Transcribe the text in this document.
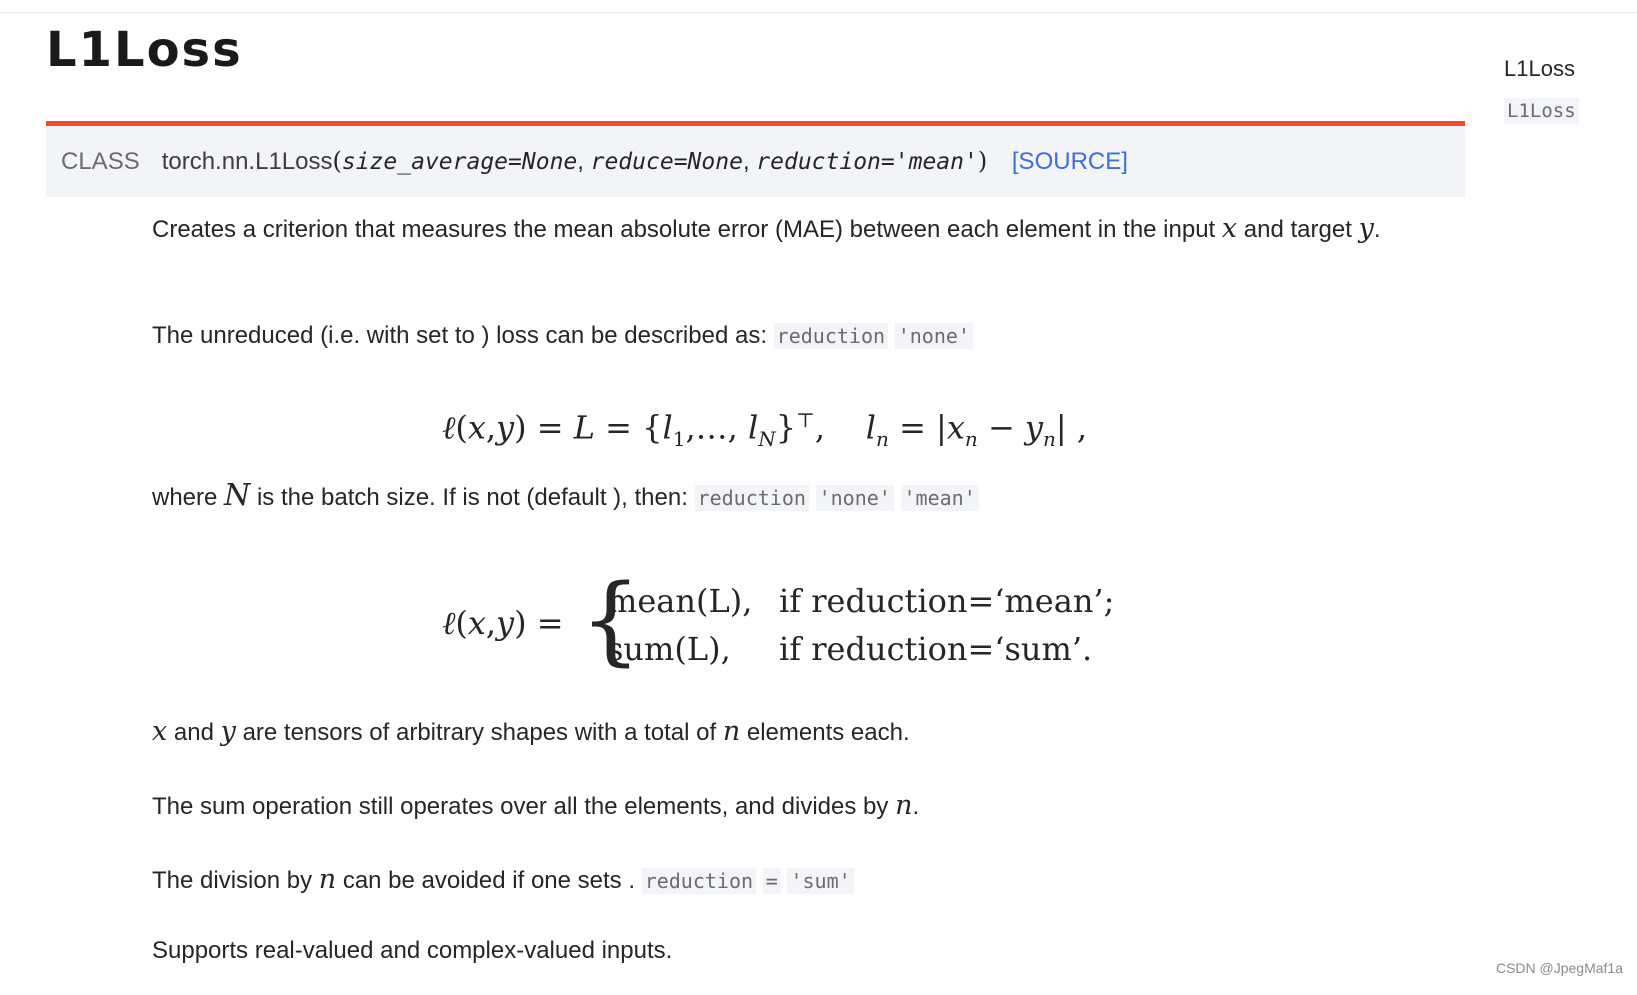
L1Loss	L1Loss
L1Loss
CLASS torch.nn.L1Loss(size_average=None, reduce=None, reduction='mean') [SOURCE]
Creates a criterion that measures the mean absolute error (MAE) between each element in the input x and target y.
The unreduced (i.e. with set to ) loss can be described as: reduction 'none'
ℓ(x,y) = $L = \{l_1,\dots$, $l_N\}^⊤$,    $l_n = |x_n - y_n|$ ,
where N is the batch size. If is not (default ), then: reduction 'none' 'mean'
ℓ(x,y) = {
mean(L), if reduction=‘mean’;
sum(L), if reduction=‘sum’.
x and y are tensors of arbitrary shapes with a total of n elements each.
The sum operation still operates over all the elements, and divides by n.
The division by n can be avoided if one sets . reduction = 'sum'
Supports real-valued and complex-valued inputs.
CSDN @JpegMaf1a
